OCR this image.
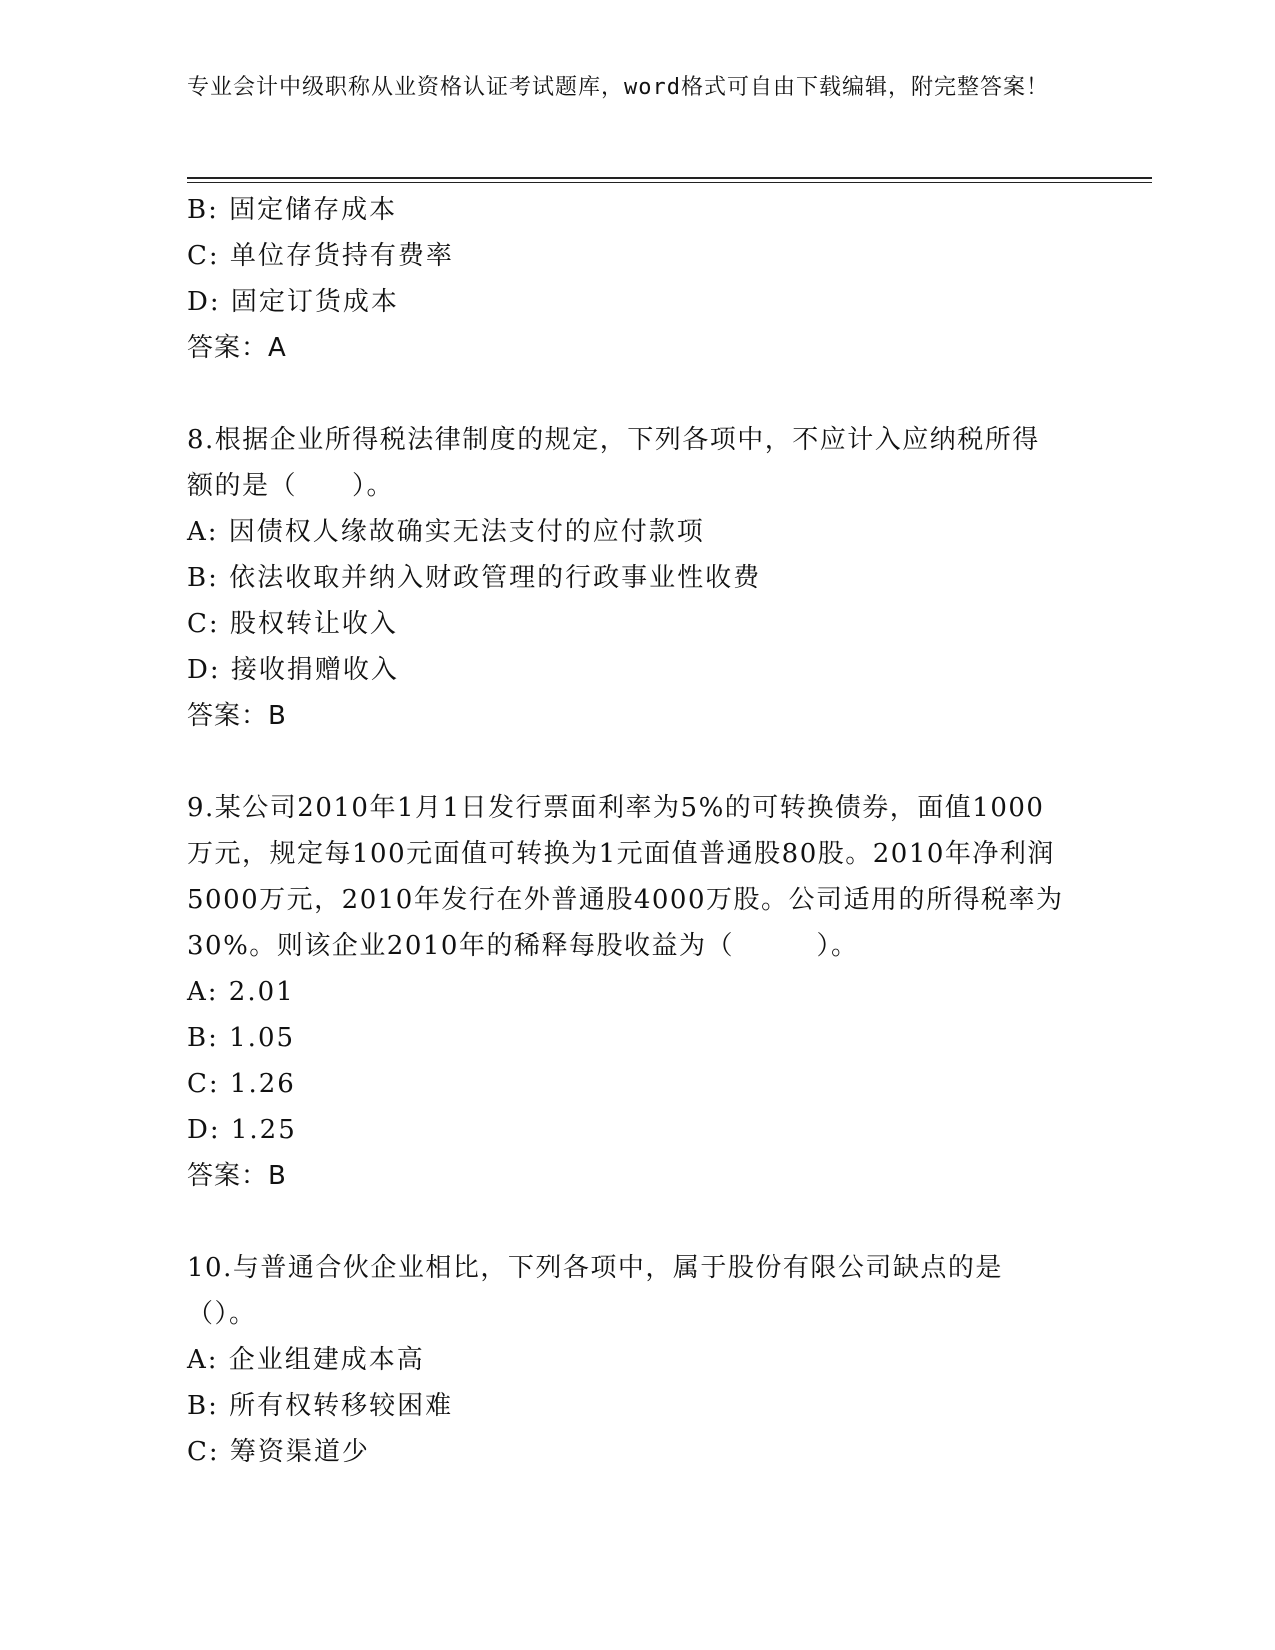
专业会计中级职称从业资格认证考试题库，word格式可自由下载编辑，附完整答案！
B: 固定储存成本
C: 单位存货持有费率
D: 固定订货成本
答案：A
8.根据企业所得税法律制度的规定，下列各项中，不应计入应纳税所得额的是（　　）。
A: 因债权人缘故确实无法支付的应付款项
B: 依法收取并纳入财政管理的行政事业性收费
C: 股权转让收入
D: 接收捐赠收入
答案：B
9.某公司2010年1月1日发行票面利率为5%的可转换债券，面值1000万元，规定每100元面值可转换为1元面值普通股80股。2010年净利润5000万元，2010年发行在外普通股4000万股。公司适用的所得税率为30%。则该企业2010年的稀释每股收益为（　　　）。
A: 2.01
B: 1.05
C: 1.26
D: 1.25
答案：B
10.与普通合伙企业相比，下列各项中，属于股份有限公司缺点的是（）。
A: 企业组建成本高
B: 所有权转移较困难
C: 筹资渠道少
